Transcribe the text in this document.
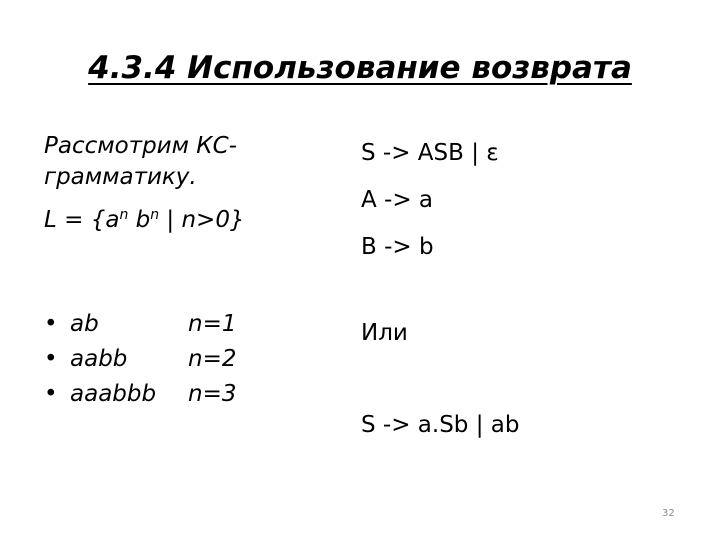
4.3.4 Использование возврата
Рассмотрим КС-
грамматику.
$L = \{a^n$ $b^n$ | n>0}
• ab	n=1
• aabb	n=2
• aaabbb n=3
S -> ASB | ε
A -> a
B -> b
Или
S -> a.Sb | ab
32
